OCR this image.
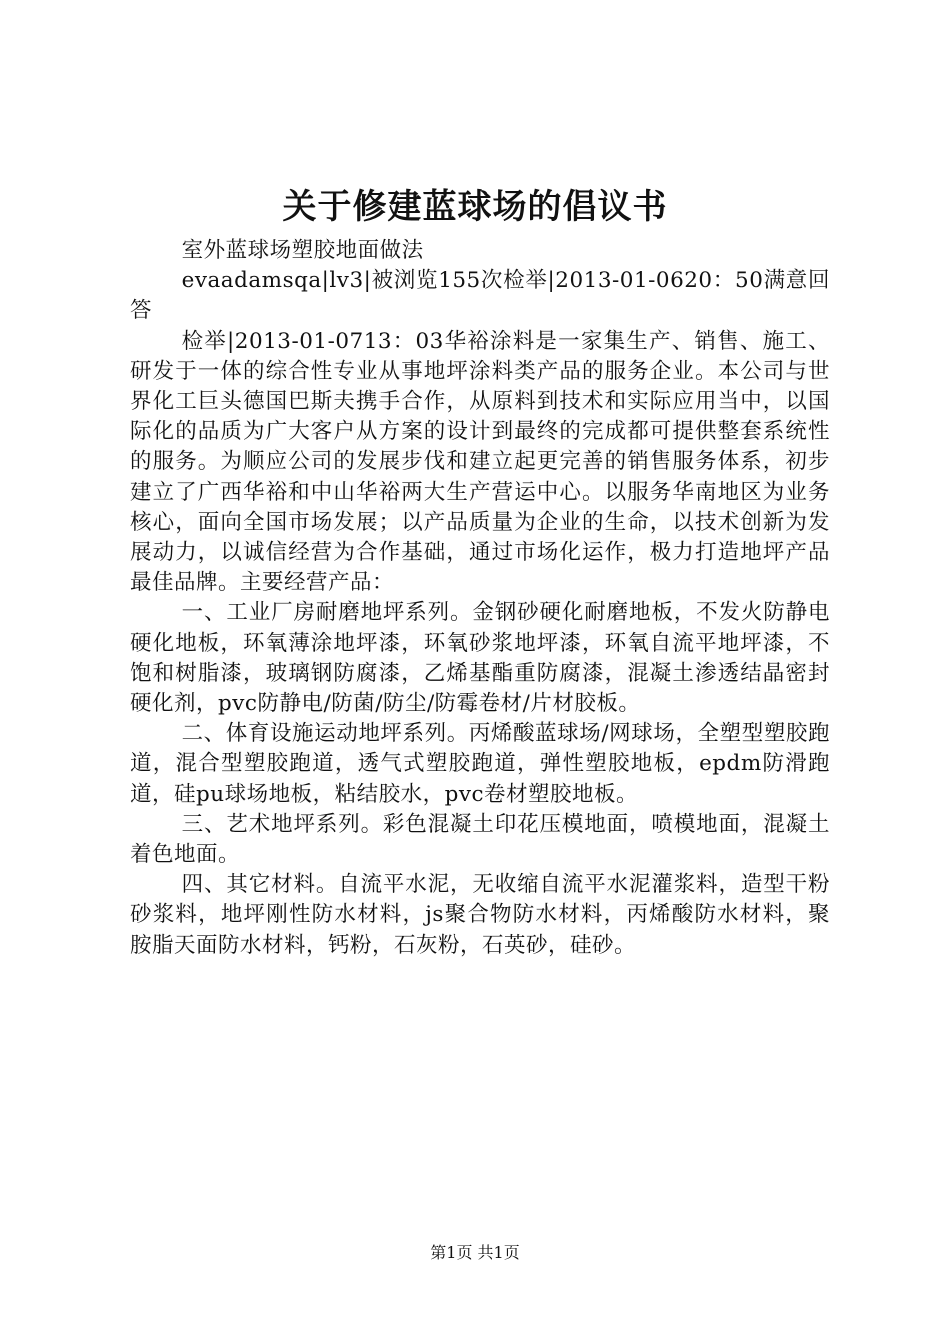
关于修建蓝球场的倡议书

室外蓝球场塑胶地面做法

evaadamsqa|lv3|被浏览155次检举|2013-01-0620：50满意回答

检举|2013-01-0713：03华裕涂料是一家集生产、销售、施工、研发于一体的综合性专业从事地坪涂料类产品的服务企业。本公司与世界化工巨头德国巴斯夫携手合作，从原料到技术和实际应用当中，以国际化的品质为广大客户从方案的设计到最终的完成都可提供整套系统性的服务。为顺应公司的发展步伐和建立起更完善的销售服务体系，初步建立了广西华裕和中山华裕两大生产营运中心。以服务华南地区为业务核心，面向全国市场发展；以产品质量为企业的生命，以技术创新为发展动力，以诚信经营为合作基础，通过市场化运作，极力打造地坪产品最佳品牌。主要经营产品：

一、工业厂房耐磨地坪系列。金钢砂硬化耐磨地板，不发火防静电硬化地板，环氧薄涂地坪漆，环氧砂浆地坪漆，环氧自流平地坪漆，不饱和树脂漆，玻璃钢防腐漆，乙烯基酯重防腐漆，混凝土渗透结晶密封硬化剂，pvc防静电/防菌/防尘/防霉卷材/片材胶板。

二、体育设施运动地坪系列。丙烯酸蓝球场/网球场，全塑型塑胶跑道，混合型塑胶跑道，透气式塑胶跑道，弹性塑胶地板，epdm防滑跑道，硅pu球场地板，粘结胶水，pvc卷材塑胶地板。

三、艺术地坪系列。彩色混凝土印花压模地面，喷模地面，混凝土着色地面。

四、其它材料。自流平水泥，无收缩自流平水泥灌浆料，造型干粉砂浆料，地坪刚性防水材料，js聚合物防水材料，丙烯酸防水材料，聚胺脂天面防水材料，钙粉，石灰粉，石英砂，硅砂。

第1页 共1页
